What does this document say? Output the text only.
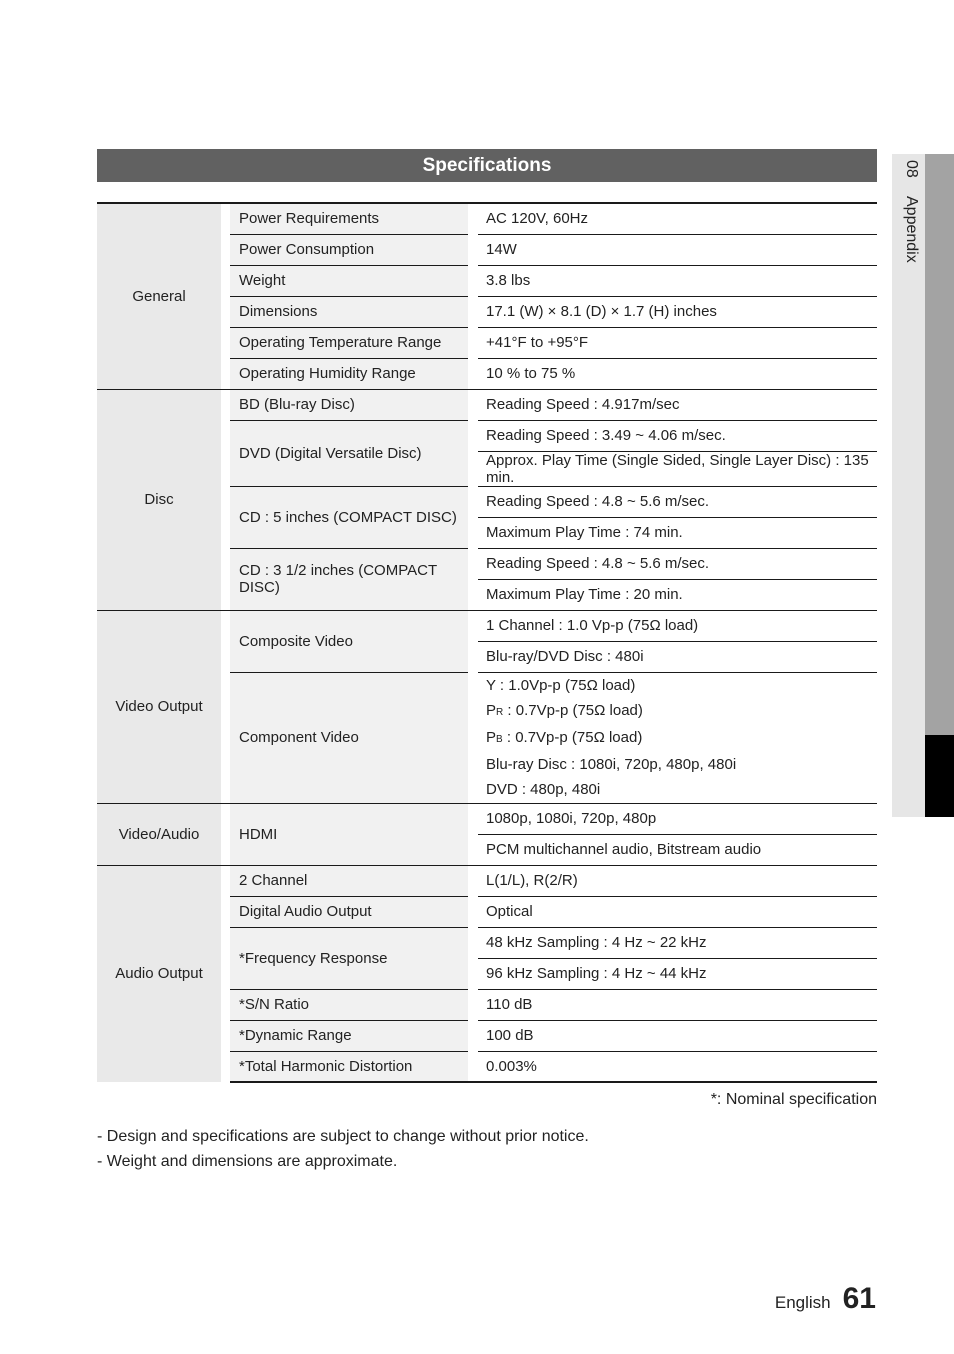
Specifications	08 Appendix
General		Power Requirements		AC 120V, 60Hz
		Power Consumption		14W
		Weight		3.8 lbs
		Dimensions		17.1 (W) × 8.1 (D) × 1.7 (H) inches
		Operating Temperature Range		+41°F to +95°F
		Operating Humidity Range		10 % to 75 %
Disc		BD (Blu-ray Disc)		Reading Speed : 4.917m/sec
		DVD (Digital Versatile Disc)		Reading Speed : 3.49 ~ 4.06 m/sec.
				Approx. Play Time (Single Sided, Single Layer Disc) : 135 min.
		CD : 5 inches (COMPACT DISC)		Reading Speed : 4.8 ~ 5.6 m/sec.
				Maximum Play Time : 74 min.
		CD : 3 1/2 inches (COMPACT DISC)		Reading Speed : 4.8 ~ 5.6 m/sec.
				Maximum Play Time : 20 min.
Video Output		Composite Video		1 Channel : 1.0 Vp-p (75Ω load)
				Blu-ray/DVD Disc : 480i
		Component Video		Y : 1.0Vp-p (75Ω load)
PR : 0.7Vp-p (75Ω load)
PB : 0.7Vp-p (75Ω load)
Blu-ray Disc : 1080i, 720p, 480p, 480i
DVD : 480p, 480i

Video/Audio		HDMI		1080p, 1080i, 720p, 480p
				PCM multichannel audio, Bitstream audio
Audio Output		2 Channel		L(1/L), R(2/R)
		Digital Audio Output		Optical
		*Frequency Response		48 kHz Sampling : 4 Hz ~ 22 kHz
				96 kHz Sampling : 4 Hz ~ 44 kHz
		*S/N Ratio		110 dB
		*Dynamic Range		100 dB
		*Total Harmonic Distortion		0.003%
*: Nominal specification
- Design and specifications are subject to change without prior notice.
- Weight and dimensions are approximate.
English 61
